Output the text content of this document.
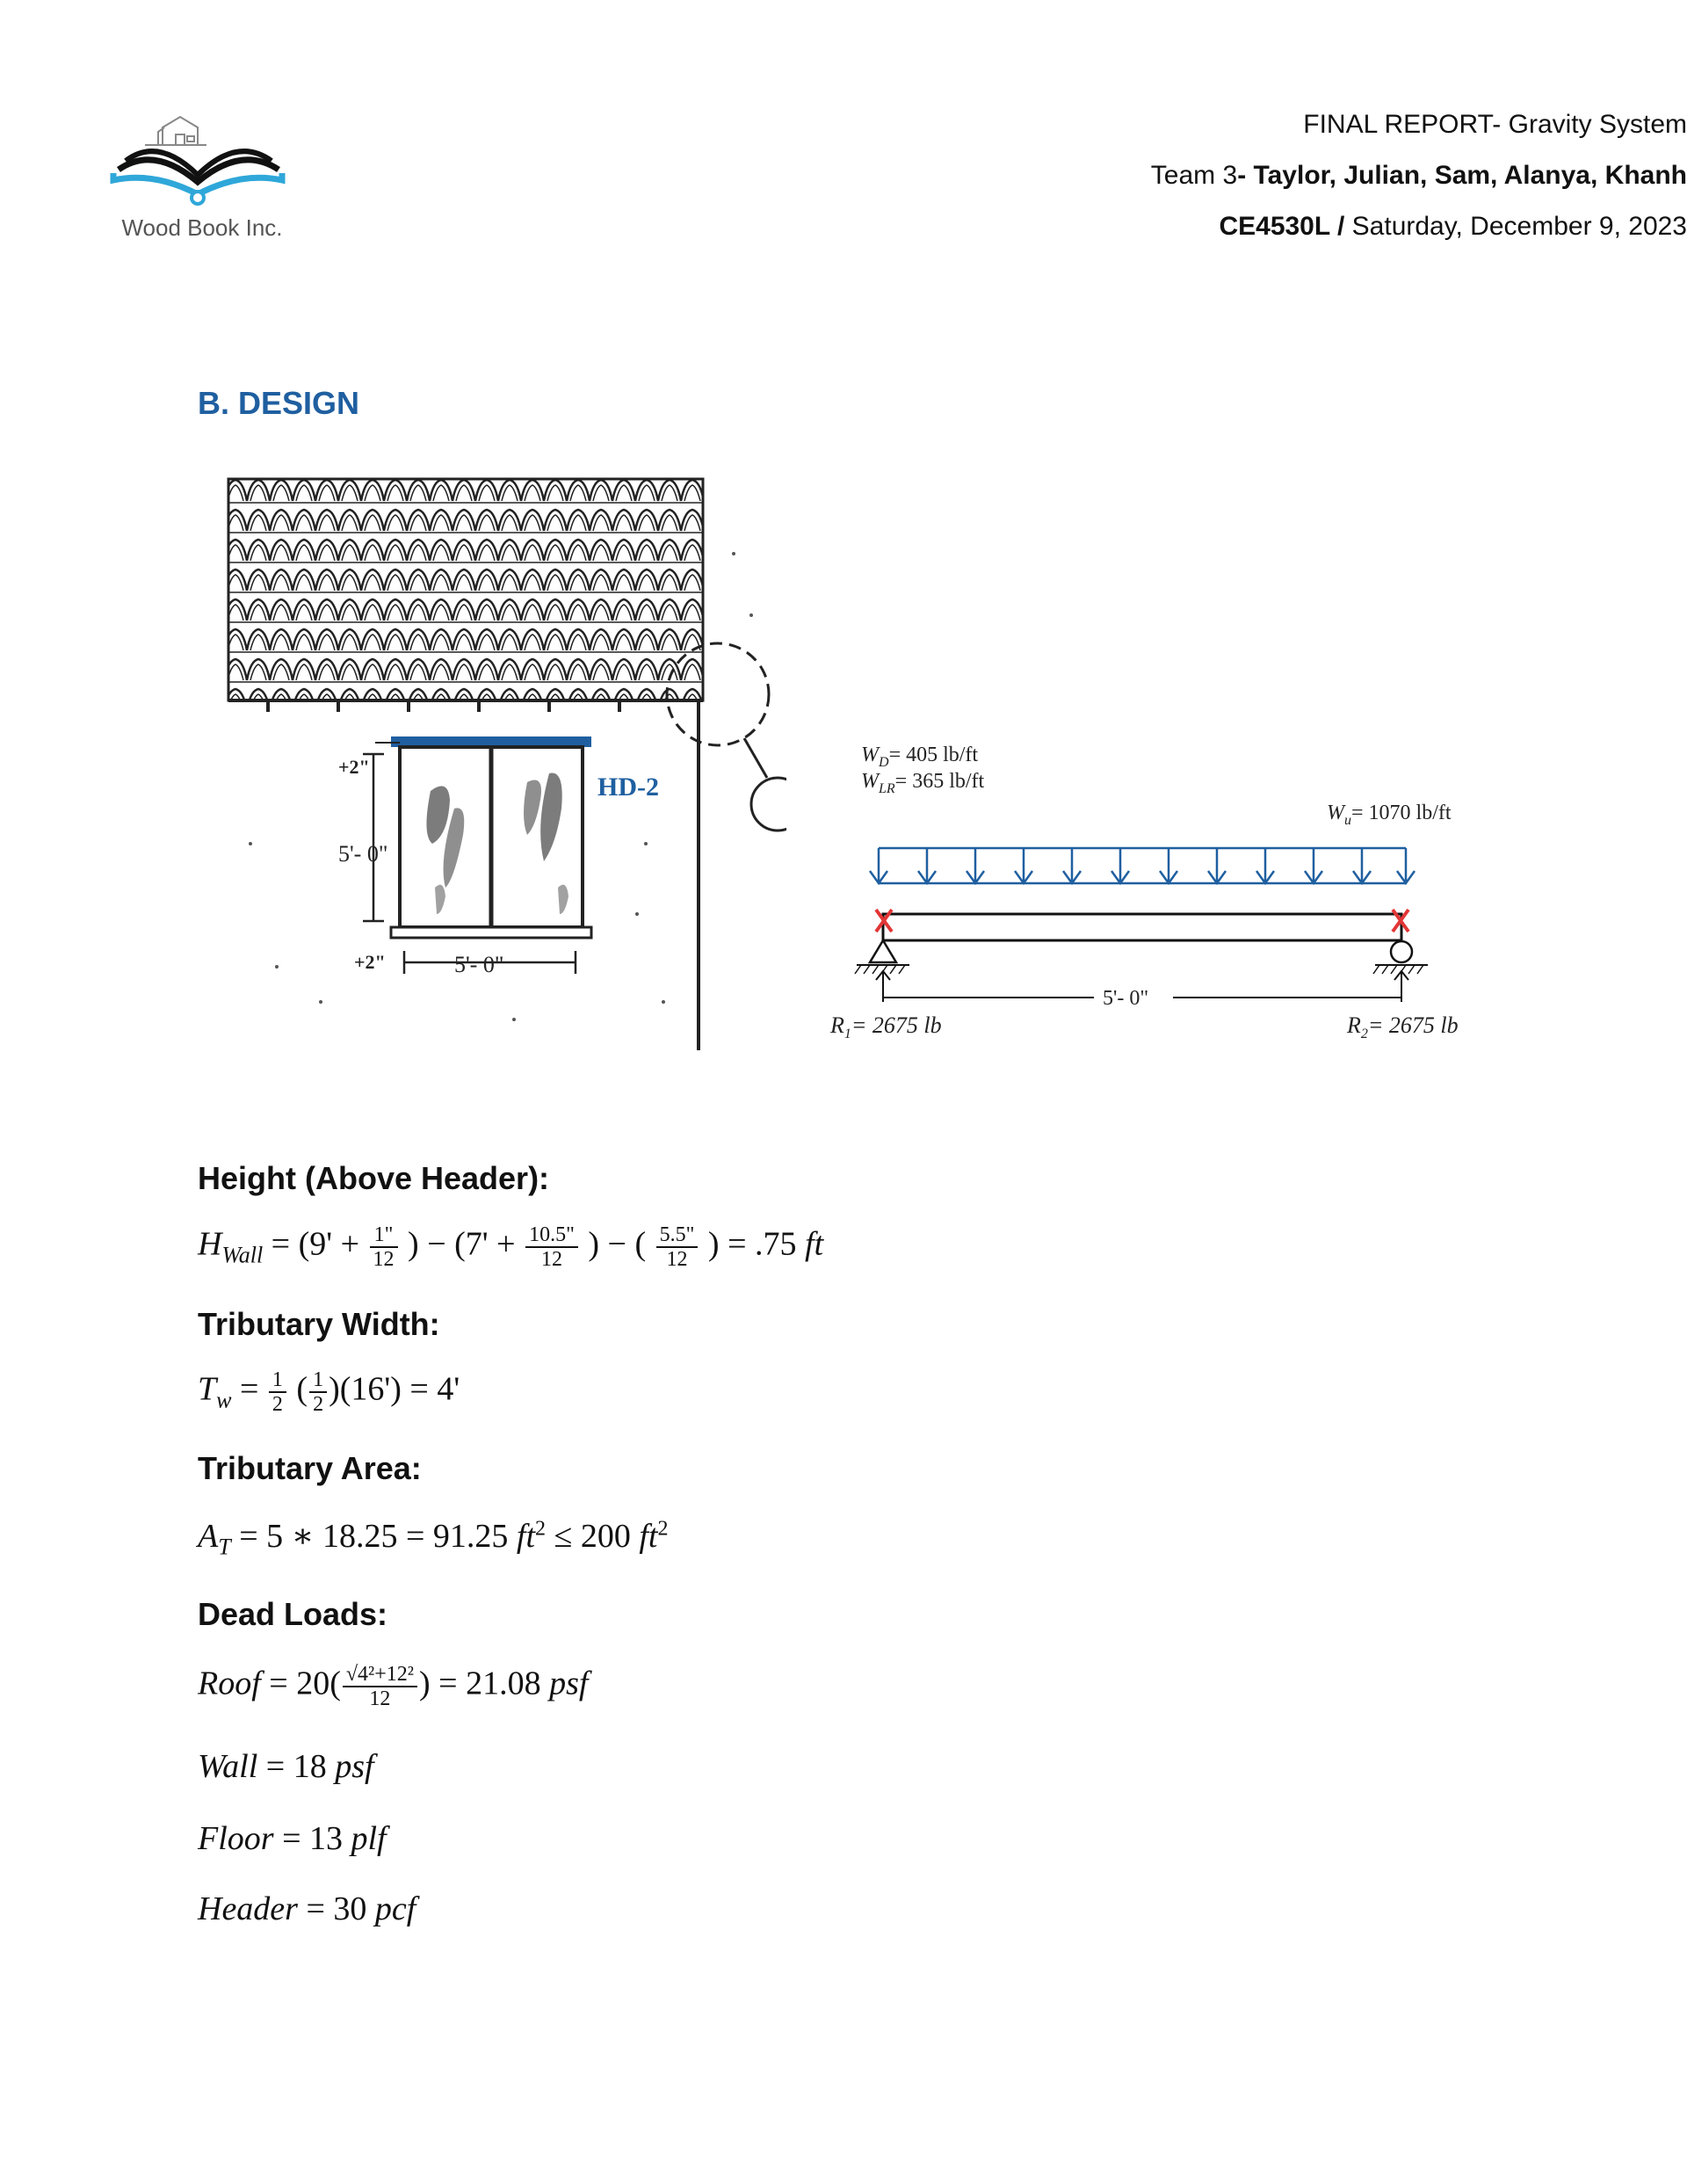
Wood Book Inc.
FINAL REPORT- Gravity System
Team 3- Taylor, Julian, Sam, Alanya, Khanh
CE4530L / Saturday, December 9, 2023
B. DESIGN
+2"
5'- 0"
+2"	5'- 0"
HD-2
$W_D= 405$ lb/ft
$W_{LR}= 365$ lb/ft
$W_u= 1070$ lb/ft
5'- 0"
$R_1= 2675$ lb	$R_2= 2675$ lb
Height (Above Header):
$H_{Wall} = (9' + \frac{1"}{12}$ ) − ($7' + \frac{10.5"}{12}$ ) − ( $\frac{5.5"}{12}$ ) = .75 ft
Tributary Width:
$T_w = \frac{1}{2}$ ( $\frac{1}{2} )(16') = 4'$
Tributary Area:
$A_T = 5$ ∗ 18.25 = 91.25 $ft^2 \le 200$ $ft^2$
Dead Loads:
Roof = $20( \frac{\text{√4²+12²}}{12}$ ) = 21.08 psf
Wall = 18 psf
Floor = 13 plf
Header = 30 pcf
